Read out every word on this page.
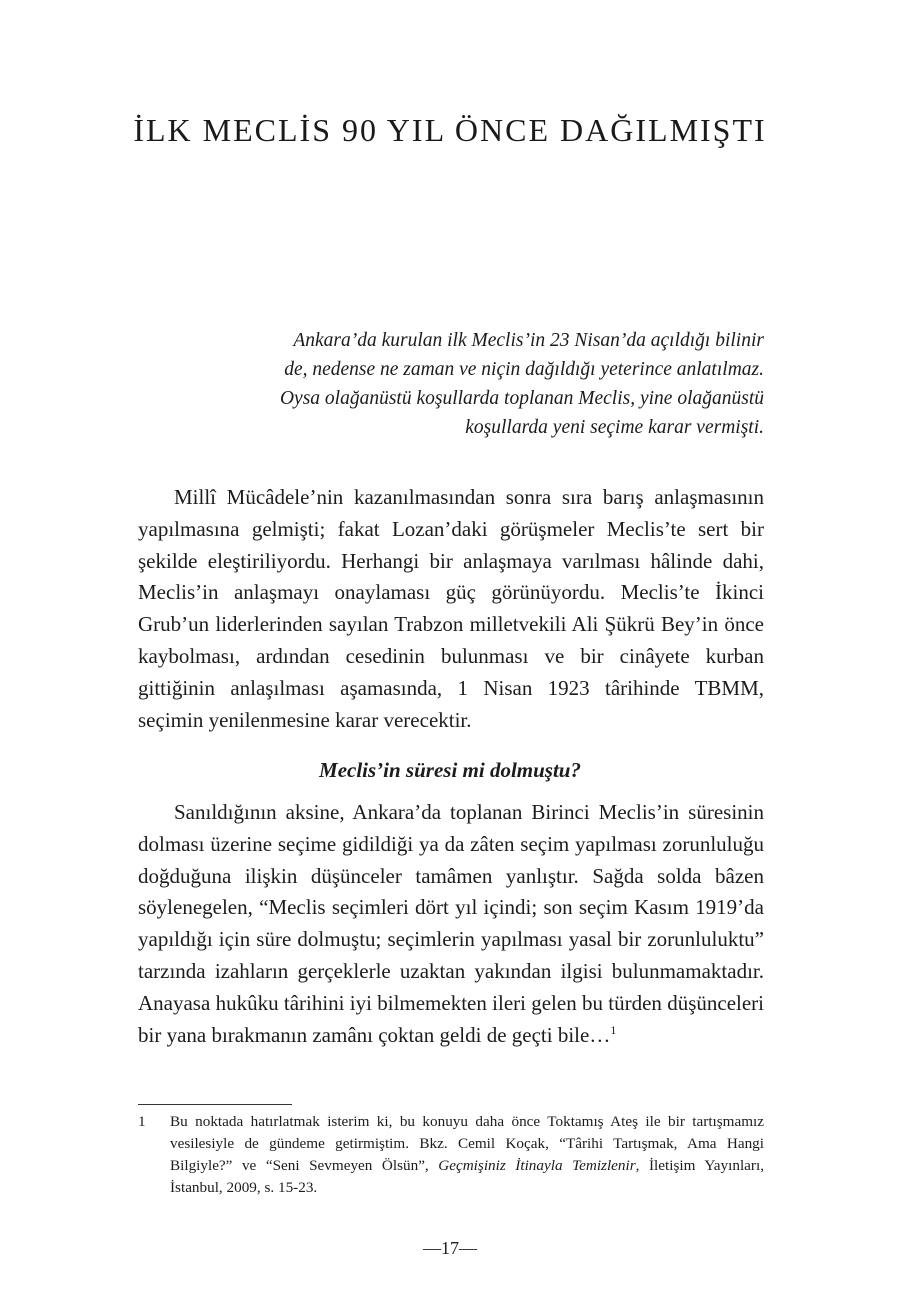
İLK MECLİS 90 YIL ÖNCE DAĞILMIŞTI
Ankara’da kurulan ilk Meclis’in 23 Nisan’da açıldığı bilinir
de, nedense ne zaman ve niçin dağıldığı yeterince anlatılmaz.
Oysa olağanüstü koşullarda toplanan Meclis, yine olağanüstü
koşullarda yeni seçime karar vermişti.

Millî Mücâdele’nin kazanılmasından sonra sıra barış anlaşmasının yapılmasına gelmişti; fakat Lozan’daki görüşmeler Meclis’te sert bir şekilde eleştiriliyordu. Herhangi bir anlaşmaya varılması hâlinde dahi, Meclis’in anlaşmayı onaylaması güç görünüyordu. Meclis’te İkinci Grub’un liderlerinden sayılan Trabzon milletvekili Ali Şükrü Bey’in önce kaybolması, ardından cesedinin bulunması ve bir cinâyete kurban gittiğinin anlaşılması aşamasında, 1 Nisan 1923 târihinde TBMM, seçimin yenilenmesine karar verecektir.

Meclis’in süresi mi dolmuştu?

Sanıldığının aksine, Ankara’da toplanan Birinci Meclis’in süresinin dolması üzerine seçime gidildiği ya da zâten seçim yapılması zorunluluğu doğduğuna ilişkin düşünceler tamâmen yanlıştır. Sağda solda bâzen söylenegelen, “Meclis seçimleri dört yıl içindi; son seçim Kasım 1919’da yapıldığı için süre dolmuştu; seçimlerin yapılması yasal bir zorunluluktu” tarzında izahların gerçeklerle uzaktan yakından ilgisi bulunmamaktadır. Anayasa hukûku târihini iyi bilmemekten ileri gelen bu türden düşünceleri bir yana bırakmanın zamânı çoktan geldi de geçti bile…$^1$

1 Bu noktada hatırlatmak isterim ki, bu konuyu daha önce Toktamış Ateş ile bir tartışmamız vesilesiyle de gündeme getirmiştim. Bkz. Cemil Koçak, “Târihi Tartışmak, Ama Hangi Bilgiyle?” ve “Seni Sevmeyen Ölsün”, Geçmişiniz İtinayla Temizlenir, İletişim Yayınları, İstanbul, 2009, s. 15-23.
—17—
